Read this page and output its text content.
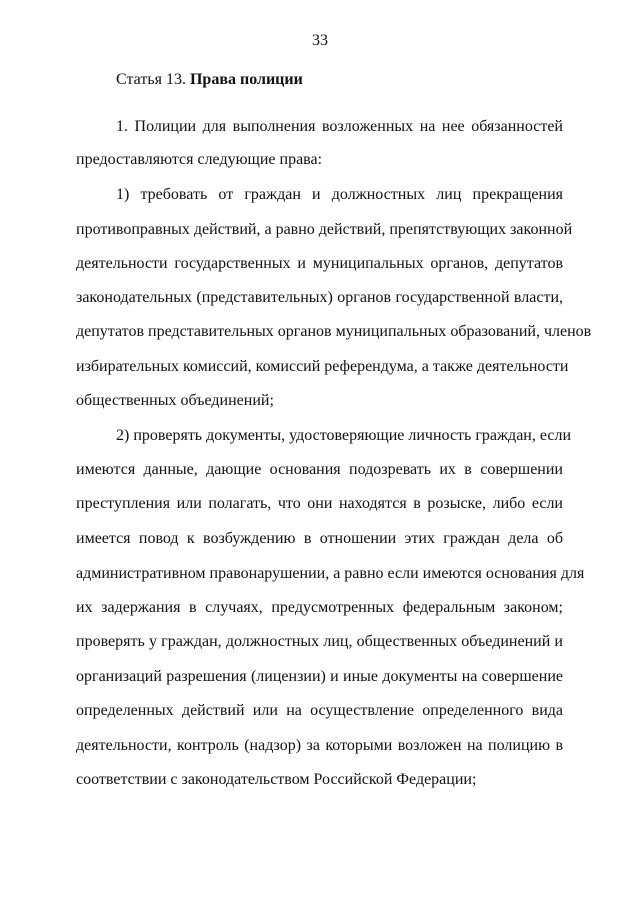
33
Статья 13. Права полиции
1. Полиции для выполнения возложенных на нее обязанностей
предоставляются следующие права:
1) требовать от граждан и должностных лиц прекращения
противоправных действий, а равно действий, препятствующих законной
деятельности государственных и муниципальных органов, депутатов
законодательных (представительных) органов государственной власти,
депутатов представительных органов муниципальных образований, членов
избирательных комиссий, комиссий референдума, а также деятельности
общественных объединений;
2) проверять документы, удостоверяющие личность граждан, если
имеются данные, дающие основания подозревать их в совершении
преступления или полагать, что они находятся в розыске, либо если
имеется повод к возбуждению в отношении этих граждан дела об
административном правонарушении, а равно если имеются основания для
их задержания в случаях, предусмотренных федеральным законом;
проверять у граждан, должностных лиц, общественных объединений и
организаций разрешения (лицензии) и иные документы на совершение
определенных действий или на осуществление определенного вида
деятельности, контроль (надзор) за которыми возложен на полицию в
соответствии с законодательством Российской Федерации;
